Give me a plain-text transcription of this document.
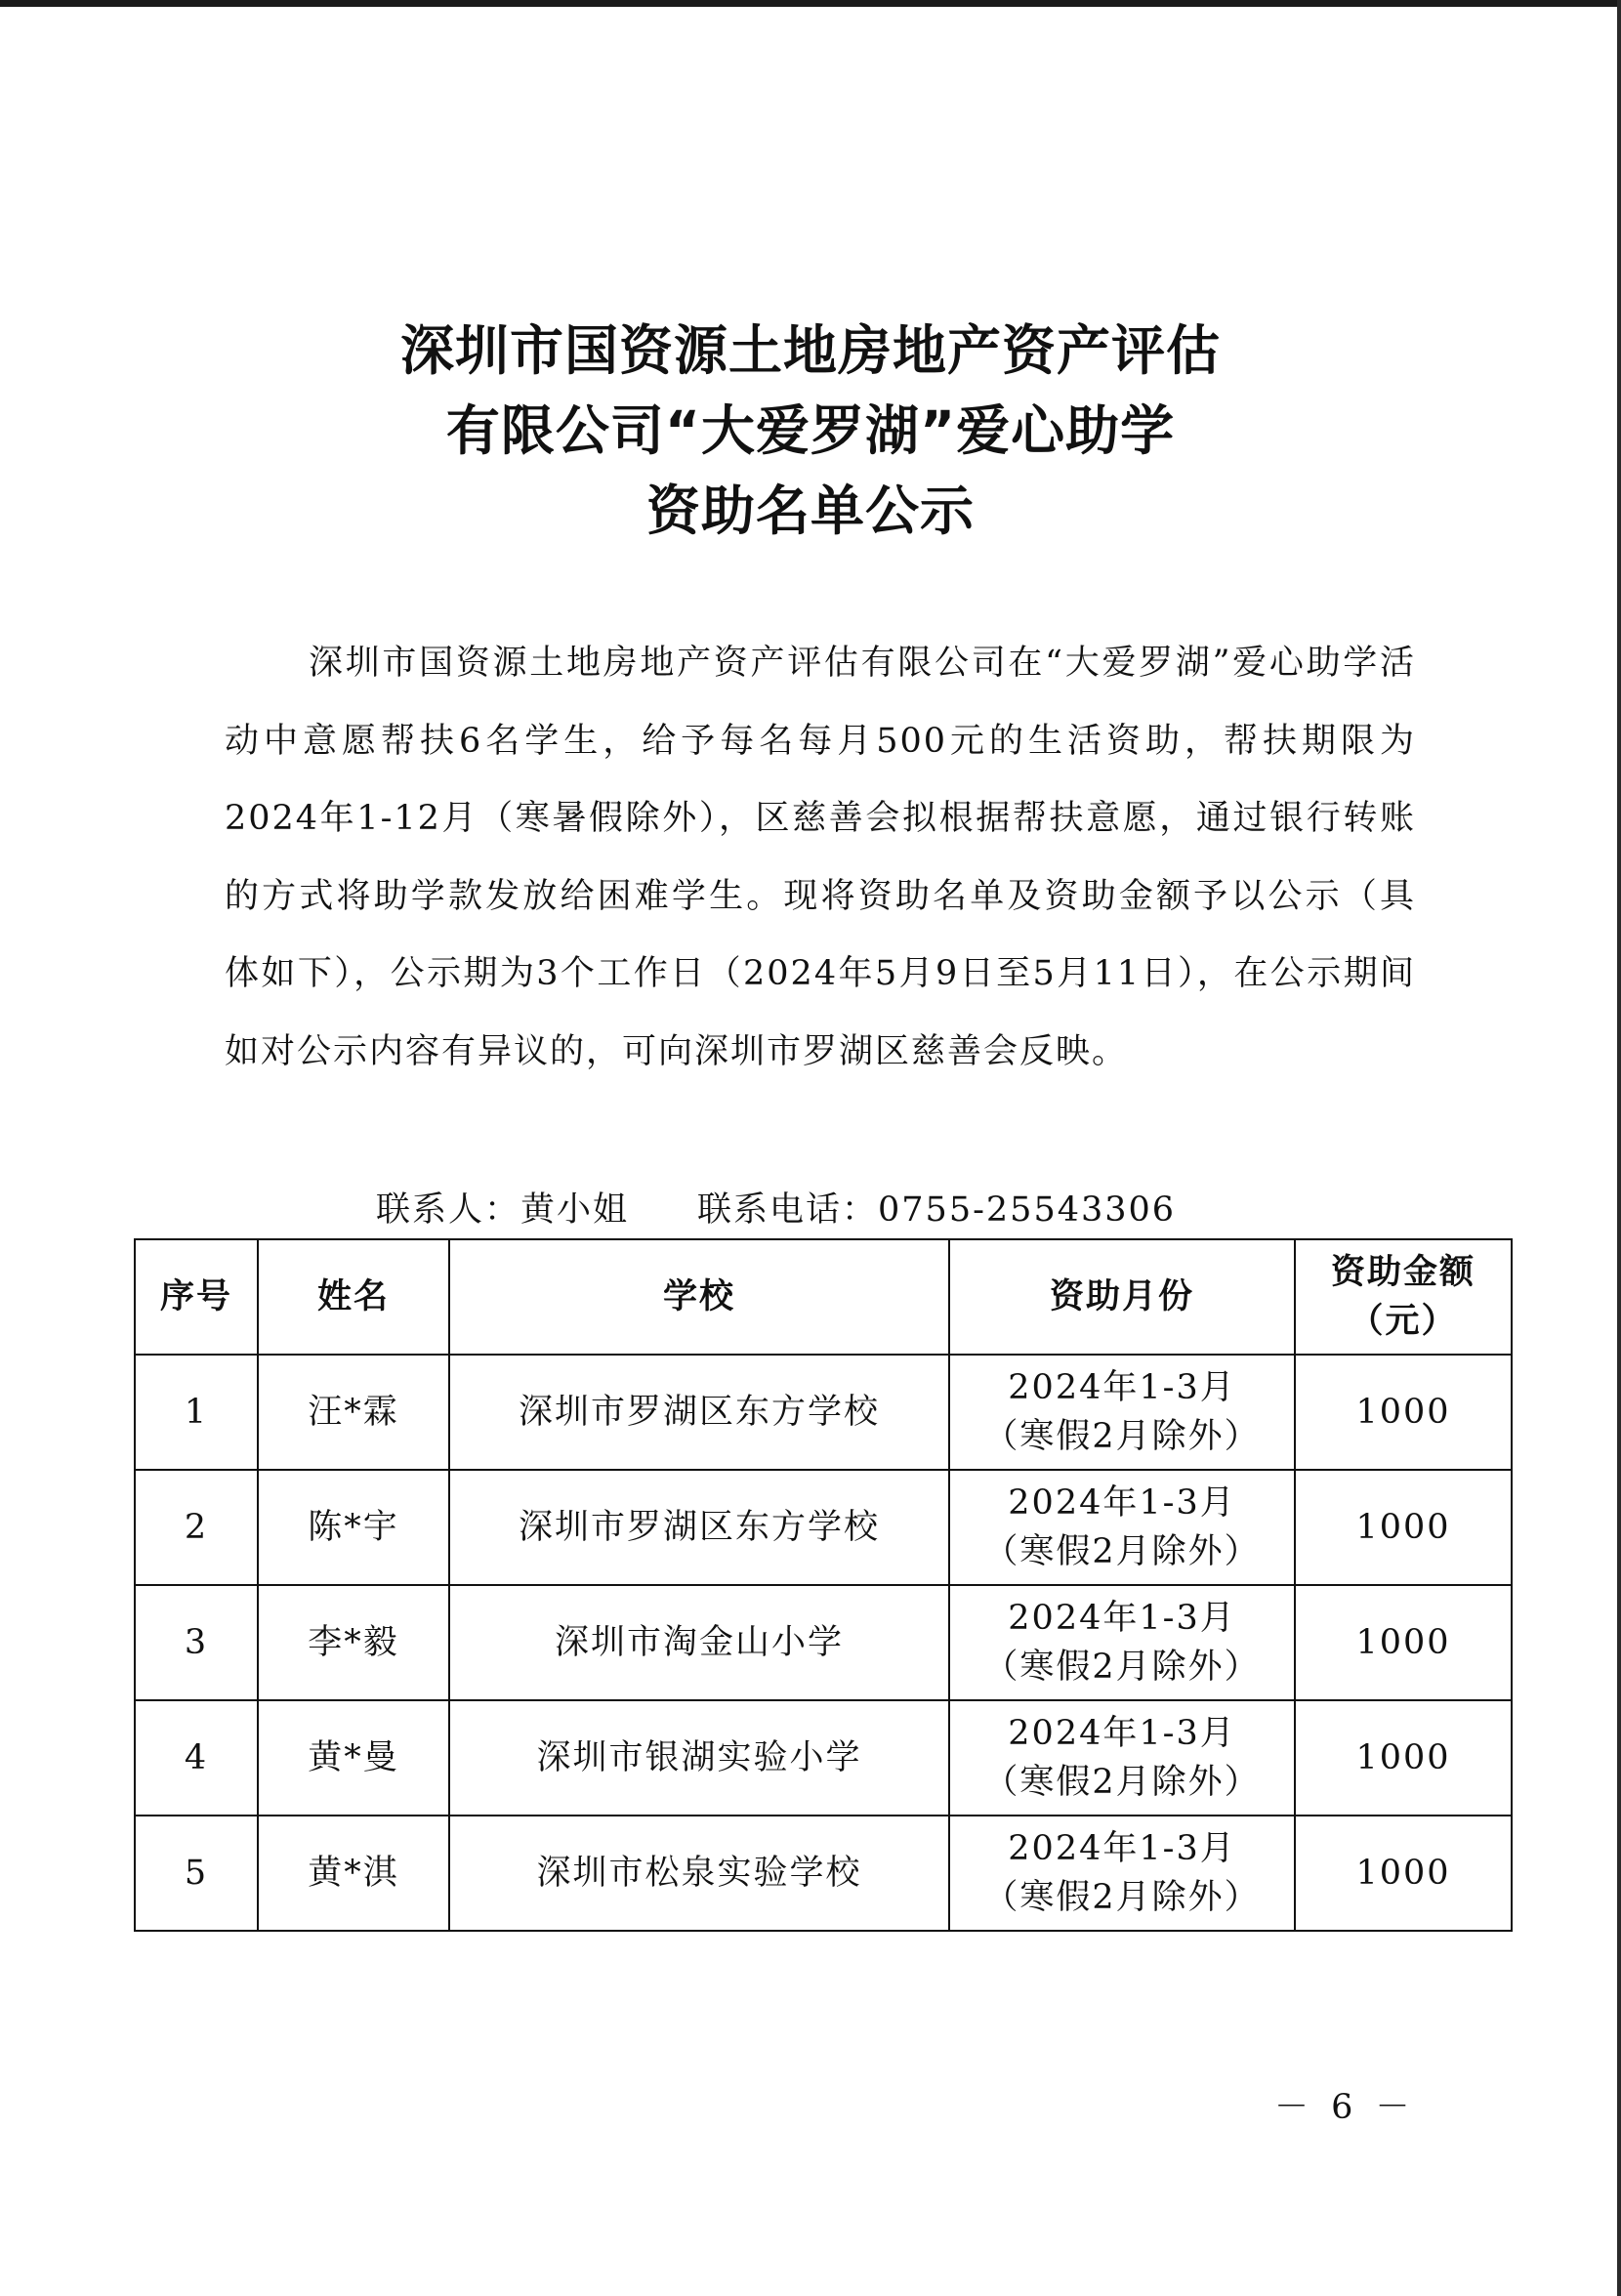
深圳市国资源土地房地产资产评估
有限公司“大爱罗湖”爱心助学
资助名单公示
深圳市国资源土地房地产资产评估有限公司在“大爱罗湖”爱心助学活动中意愿帮扶6名学生，给予每名每月500元的生活资助，帮扶期限为2024年1-12月（寒暑假除外），区慈善会拟根据帮扶意愿，通过银行转账的方式将助学款发放给困难学生。现将资助名单及资助金额予以公示（具体如下），公示期为3个工作日（2024年5月9日至5月11日），在公示期间如对公示内容有异议的，可向深圳市罗湖区慈善会反映。
联系人：黄小姐 联系电话：0755-25543306
序号	姓名	学校	资助月份	资助金额
（元）

1	汪*霖	深圳市罗湖区东方学校	2024年1-3月
（寒假2月除外）	1000
2	陈*宇	深圳市罗湖区东方学校	2024年1-3月
（寒假2月除外）	1000
3	李*毅	深圳市淘金山小学	2024年1-3月
（寒假2月除外）	1000
4	黄*曼	深圳市银湖实验小学	2024年1-3月
（寒假2月除外）	1000
5	黄*淇	深圳市松泉实验学校	2024年1-3月
（寒假2月除外）	1000
－ 6 －
